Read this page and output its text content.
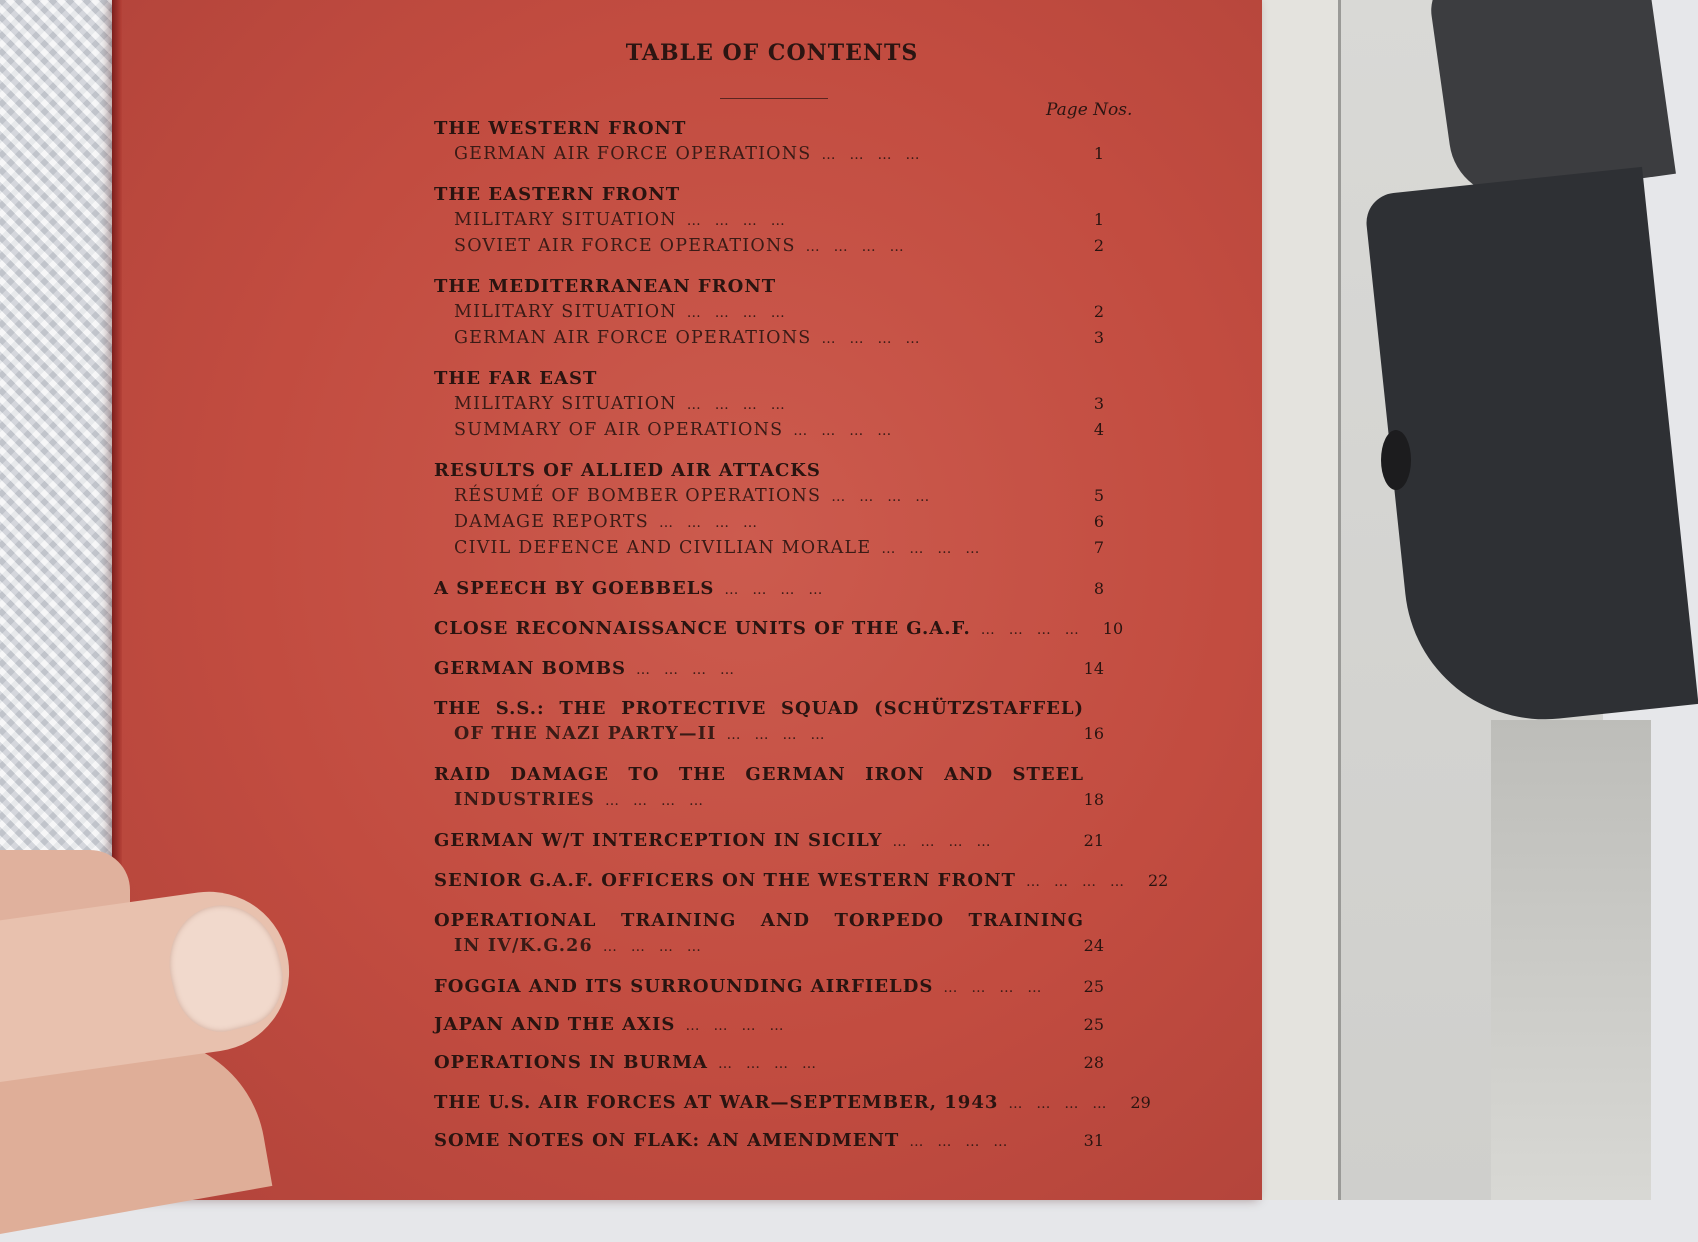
TABLE OF CONTENTS
Page Nos.
THE WESTERN FRONT
GERMAN AIR FORCE OPERATIONS …………	1
THE EASTERN FRONT
MILITARY SITUATION …………	1
SOVIET AIR FORCE OPERATIONS …………	2
THE MEDITERRANEAN FRONT
MILITARY SITUATION …………	2
GERMAN AIR FORCE OPERATIONS …………	3
THE FAR EAST
MILITARY SITUATION …………	3
SUMMARY OF AIR OPERATIONS …………	4
RESULTS OF ALLIED AIR ATTACKS
RÉSUMÉ OF BOMBER OPERATIONS …………	5
DAMAGE REPORTS …………	6
CIVIL DEFENCE AND CIVILIAN MORALE …………	7
A SPEECH BY GOEBBELS …………	8
CLOSE RECONNAISSANCE UNITS OF THE G.A.F. ………… 10
GERMAN BOMBS …………	14
THE S.S.: THE PROTECTIVE SQUAD (SCHÜTZSTAFFEL)
OF THE NAZI PARTY—II …………	16
RAID DAMAGE TO THE GERMAN IRON AND STEEL
INDUSTRIES …………	18
GERMAN W/T INTERCEPTION IN SICILY …………	21
SENIOR G.A.F. OFFICERS ON THE WESTERN FRONT ………… 22
OPERATIONAL TRAINING AND TORPEDO TRAINING
IN IV/K.G.26 …………	24
FOGGIA AND ITS SURROUNDING AIRFIELDS …………	25
JAPAN AND THE AXIS …………	25
OPERATIONS IN BURMA …………	28
THE U.S. AIR FORCES AT WAR—SEPTEMBER, 1943 ………… 29
SOME NOTES ON FLAK: AN AMENDMENT …………	31
